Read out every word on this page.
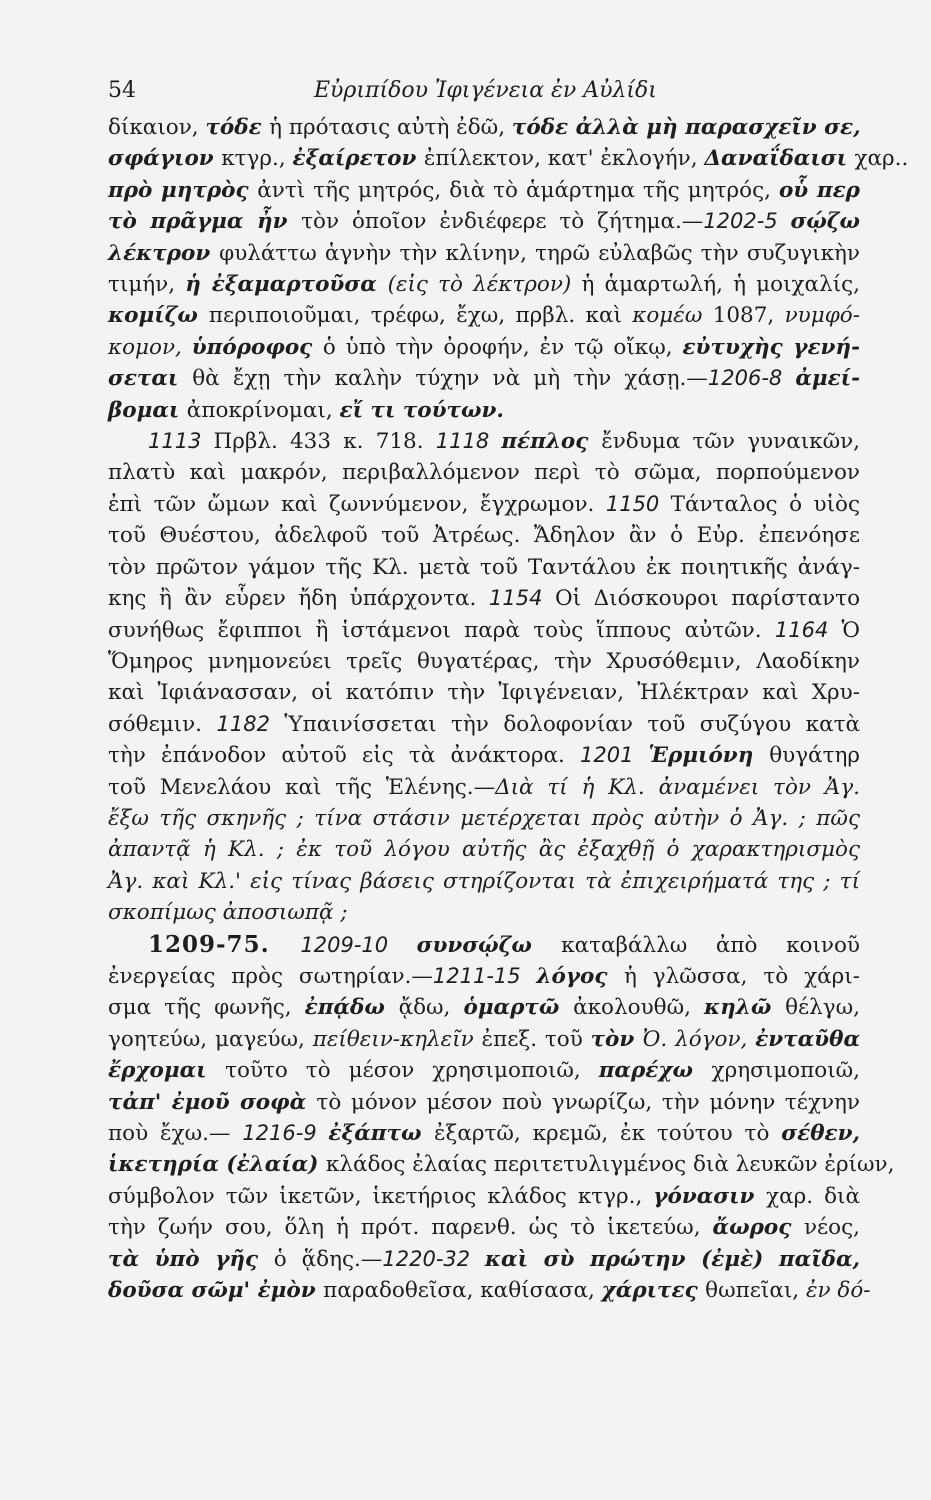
54	Εὐριπίδου Ἰφιγένεια ἐν Αὐλίδι
δίκαιον, τόδε ἡ πρότασις αὐτὴ ἐδῶ, τόδε ἀλλὰ μὴ παρασχεῖν σε,
σφάγιον κτγρ., ἐξαίρετον ἐπίλεκτον, κατ' ἐκλογήν, Δαναΐδαισι χαρ..
πρὸ μητρὸς ἀντὶ τῆς μητρός, διὰ τὸ ἁμάρτημα τῆς μητρός, οὗ περ
τὸ πρᾶγμα ἦν τὸν ὁποῖον ἐνδιέφερε τὸ ζήτημα.—1202-5 σῴζω
λέκτρον φυλάττω ἁγνὴν τὴν κλίνην, τηρῶ εὐλαβῶς τὴν συζυγικὴν
τιμήν, ἡ ἐξαμαρτοῦσα (εἰς τὸ λέκτρον) ἡ ἁμαρτωλή, ἡ μοιχαλίς,
κομίζω περιποιοῦμαι, τρέφω, ἔχω, πρβλ. καὶ κομέω 1087, νυμφό-
κομον, ὑπόροφος ὁ ὑπὸ τὴν ὀροφήν, ἐν τῷ οἴκῳ, εὐτυχὴς γενή-
σεται θὰ ἔχῃ τὴν καλὴν τύχην νὰ μὴ τὴν χάσῃ.—1206-8 ἀμεί-
βομαι ἀποκρίνομαι, εἴ τι τούτων.
1113 Πρβλ. 433 κ. 718. 1118 πέπλος ἔνδυμα τῶν γυναικῶν,
πλατὺ καὶ μακρόν, περιβαλλόμενον περὶ τὸ σῶμα, πορπούμενον
ἐπὶ τῶν ὤμων καὶ ζωννύμενον, ἔγχρωμον. 1150 Τάνταλος ὁ υἱὸς
τοῦ Θυέστου, ἀδελφοῦ τοῦ Ἀτρέως. Ἄδηλον ἂν ὁ Εὐρ. ἐπενόησε
τὸν πρῶτον γάμον τῆς Κλ. μετὰ τοῦ Ταντάλου ἐκ ποιητικῆς ἀνάγ-
κης ἢ ἂν εὗρεν ἤδη ὑπάρχοντα. 1154 Οἱ Διόσκουροι παρίσταντο
συνήθως ἔφιπποι ἢ ἱστάμενοι παρὰ τοὺς ἵππους αὐτῶν. 1164 Ὁ
Ὅμηρος μνημονεύει τρεῖς θυγατέρας, τὴν Χρυσόθεμιν, Λαοδίκην
καὶ Ἰφιάνασσαν, οἱ κατόπιν τὴν Ἰφιγένειαν, Ἠλέκτραν καὶ Χρυ-
σόθεμιν. 1182 Ὑπαινίσσεται τὴν δολοφονίαν τοῦ συζύγου κατὰ
τὴν ἐπάνοδον αὐτοῦ εἰς τὰ ἀνάκτορα. 1201 Ἑρμιόνη θυγάτηρ
τοῦ Μενελάου καὶ τῆς Ἑλένης.—Διὰ τί ἡ Κλ. ἀναμένει τὸν Ἀγ.
ἔξω τῆς σκηνῆς ; τίνα στάσιν μετέρχεται πρὸς αὐτὴν ὁ Ἀγ. ; πῶς
ἀπαντᾷ ἡ Κλ. ; ἐκ τοῦ λόγου αὐτῆς ἂς ἐξαχθῇ ὁ χαρακτηρισμὸς
Ἀγ. καὶ Κλ.' εἰς τίνας βάσεις στηρίζονται τὰ ἐπιχειρήματά της ; τί
σκοπίμως ἀποσιωπᾷ ;
1209-75. 1209-10 συνσῴζω καταβάλλω ἀπὸ κοινοῦ
ἐνεργείας πρὸς σωτηρίαν.—1211-15 λόγος ἡ γλῶσσα, τὸ χάρι-
σμα τῆς φωνῆς, ἐπᾴδω ᾄδω, ὁμαρτῶ ἀκολουθῶ, κηλῶ θέλγω,
γοητεύω, μαγεύω, πείθειν-κηλεῖν ἐπεξ. τοῦ τὸν Ὀ. λόγον, ἐνταῦθα
ἔρχομαι τοῦτο τὸ μέσον χρησιμοποιῶ, παρέχω χρησιμοποιῶ,
τἀπ' ἐμοῦ σοφὰ τὸ μόνον μέσον ποὺ γνωρίζω, τὴν μόνην τέχνην
ποὺ ἔχω.— 1216-9 ἐξάπτω ἐξαρτῶ, κρεμῶ, ἐκ τούτου τὸ σέθεν,
ἱκετηρία (ἐλαία) κλάδος ἐλαίας περιτετυλιγμένος διὰ λευκῶν ἐρίων,
σύμβολον τῶν ἱκετῶν, ἱκετήριος κλάδος κτγρ., γόνασιν χαρ. διὰ
τὴν ζωήν σου, ὅλη ἡ πρότ. παρενθ. ὡς τὸ ἱκετεύω, ἄωρος νέος,
τὰ ὑπὸ γῆς ὁ ᾅδης.—1220-32 καὶ σὺ πρώτην (ἐμὲ) παῖδα,
δοῦσα σῶμ' ἐμὸν παραδοθεῖσα, καθίσασα, χάριτες θωπεῖαι, ἐν δό-
